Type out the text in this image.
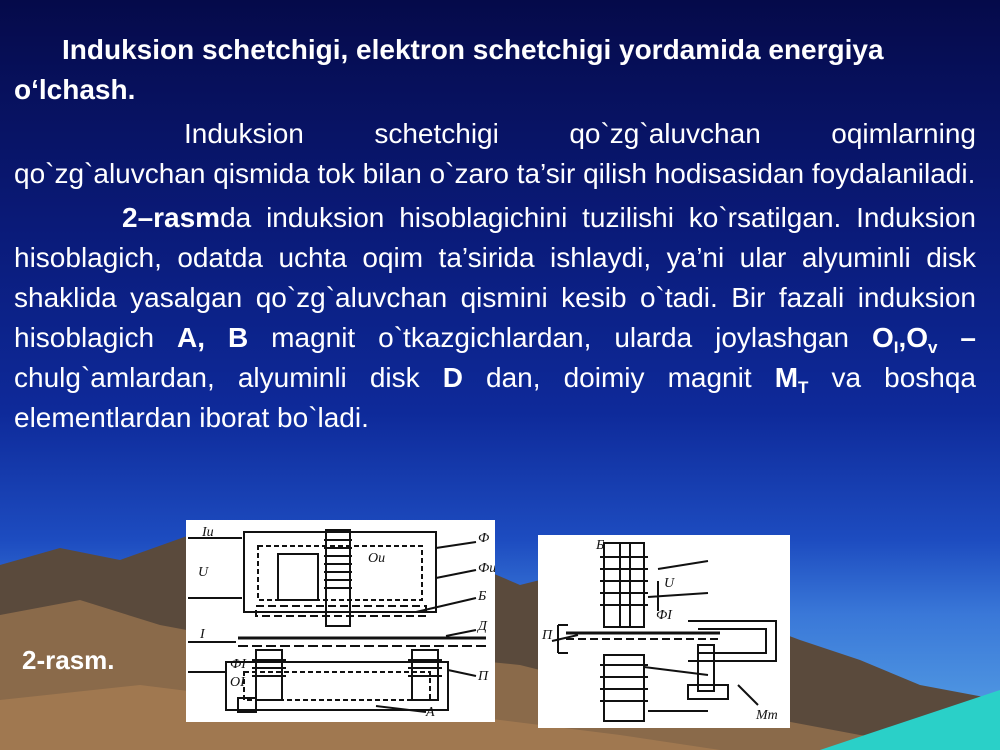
Induksion schetchigi, elektron schetchigi yordamida energiya o‘lchash.

Induksion schetchigi qo`zg`aluvchan oqimlarning qo`zg`aluvchan qismida tok bilan o`zaro ta’sir qilish hodisasidan foydalaniladi.

2–rasmda induksion hisoblagichini tuzilishi ko`rsatilgan. Induksion hisoblagich, odatda uchta oqim ta’sirida ishlaydi, ya’ni ular alyuminli disk shaklida yasalgan qo`zg`aluvchan qismini kesib o`tadi. Bir fazali induksion hisoblagich A, B magnit o`tkazgichlardan, ularda joylashgan $O_I,O_v$ – chulg`amlardan, alyuminli disk D dan, doimiy magnit $M_T$ va boshqa elementlardan iborat bo`ladi.

Iu
U
I
Ф
Фu
Б
Д
П
ФI
OI
A
Ou
Б
U
ФI
П
Mт
2-rasm.
